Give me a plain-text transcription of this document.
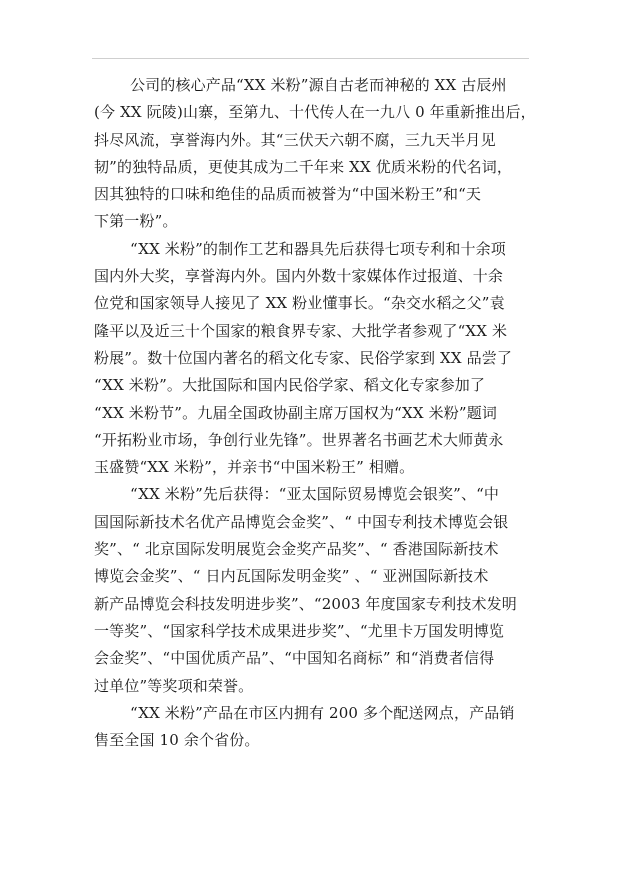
公司的核心产品“XX 米粉”源自古老而神秘的 XX 古辰州
(今 XX 阮陵)山寨，至第九、十代传人在一九八 0 年重新推出后，
抖尽风流，享誉海内外。其“三伏天六朝不腐，三九天半月见
韧”的独特品质，更使其成为二千年来 XX 优质米粉的代名词，
因其独特的口味和绝佳的品质而被誉为“中国米粉王”和“天
下第一粉”。

“XX 米粉”的制作工艺和器具先后获得七项专利和十余项
国内外大奖，享誉海内外。国内外数十家媒体作过报道、十余
位党和国家领导人接见了 XX 粉业懂事长。“杂交水稻之父”袁
隆平以及近三十个国家的粮食界专家、大批学者参观了“XX 米
粉展”。数十位国内著名的稻文化专家、民俗学家到 XX 品尝了
“XX 米粉”。大批国际和国内民俗学家、稻文化专家参加了
“XX 米粉节”。九届全国政协副主席万国权为“XX 米粉”题词
“开拓粉业市场，争创行业先锋”。世界著名书画艺术大师黄永
玉盛赞“XX 米粉”，并亲书“中国米粉王” 相赠。

“XX 米粉”先后获得：“亚太国际贸易博览会银奖”、“中
国国际新技术名优产品博览会金奖”、“ 中国专利技术博览会银
奖”、“ 北京国际发明展览会金奖产品奖”、“ 香港国际新技术
博览会金奖”、“ 日内瓦国际发明金奖” 、“ 亚洲国际新技术
新产品博览会科技发明进步奖”、“2003 年度国家专利技术发明
一等奖”、“国家科学技术成果进步奖”、“尤里卡万国发明博览
会金奖”、“中国优质产品”、“中国知名商标” 和“消费者信得
过单位”等奖项和荣誉。

“XX 米粉”产品在市区内拥有 200 多个配送网点，产品销
售至全国 10 余个省份。
